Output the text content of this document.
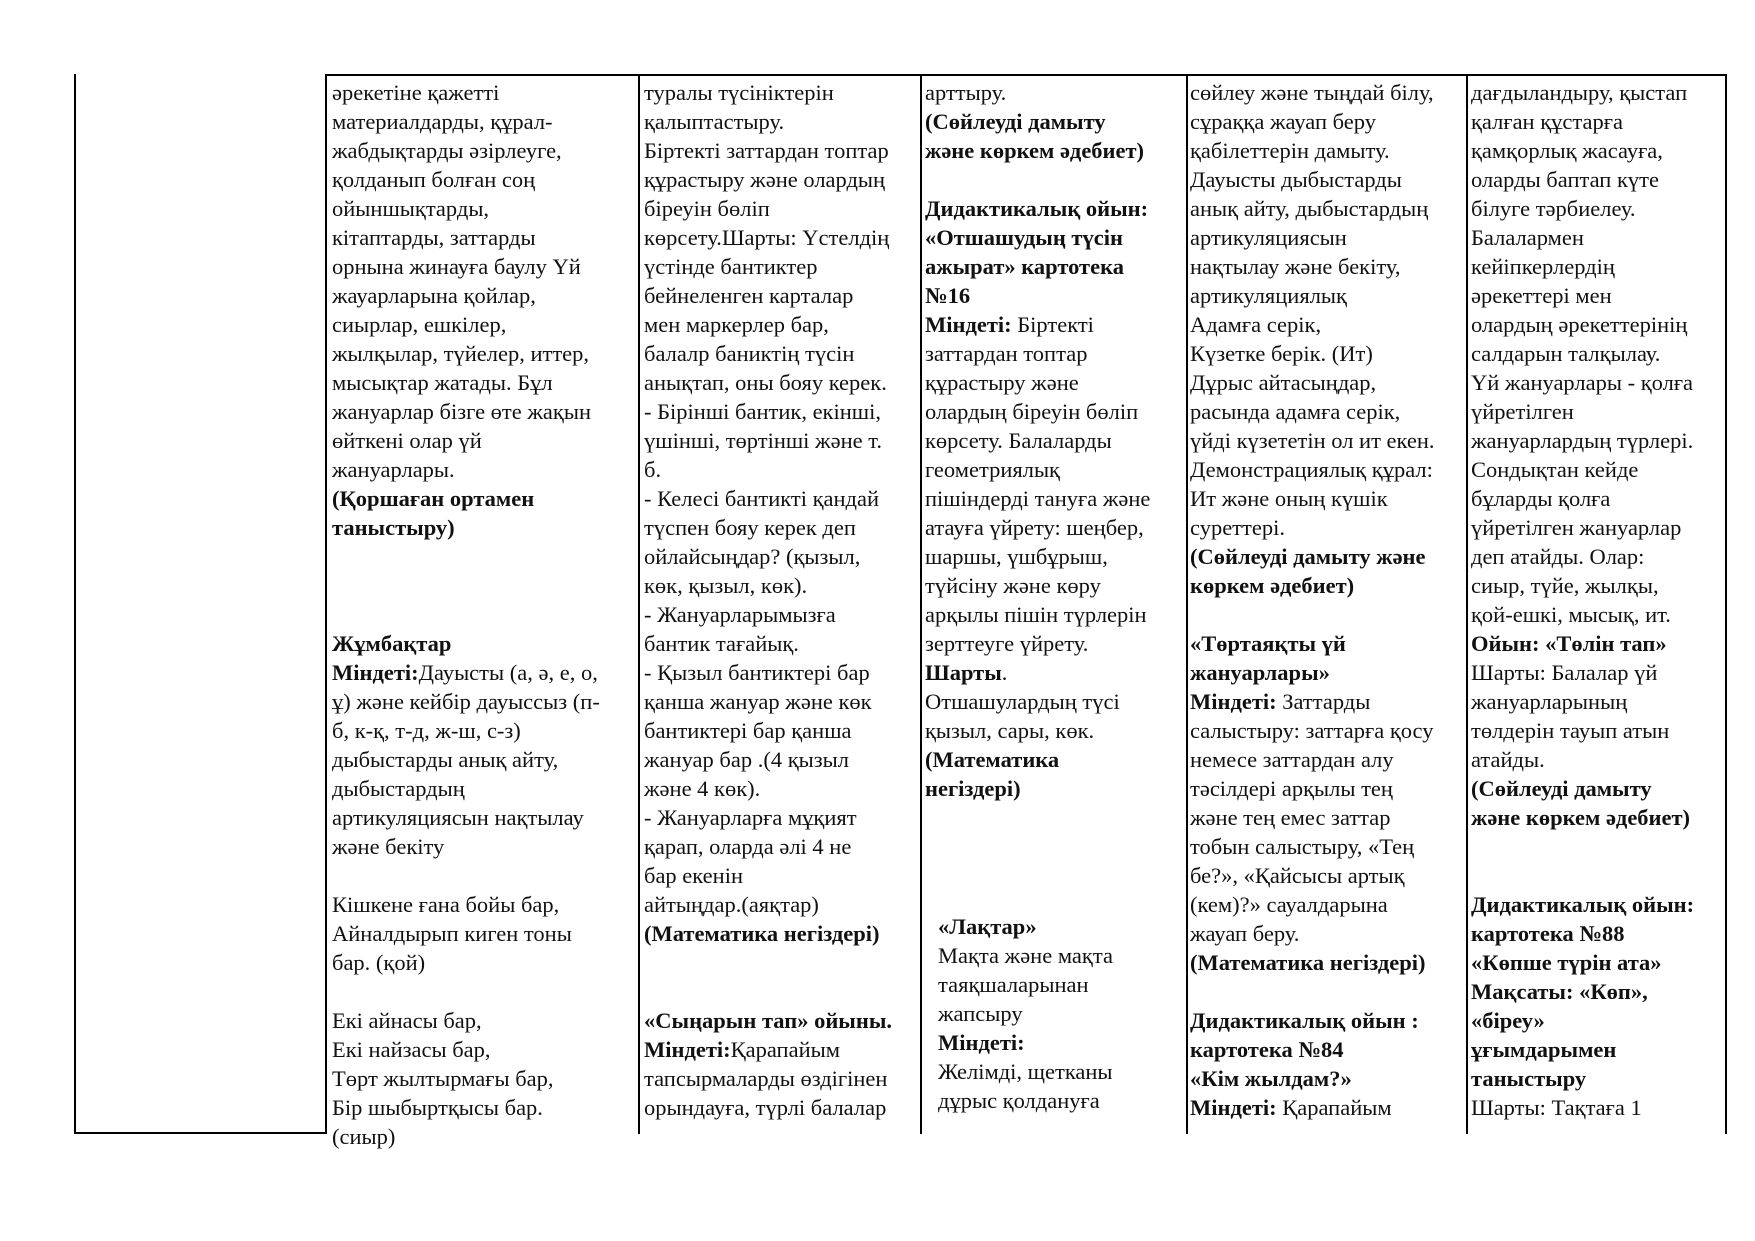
әрекетіне қажетті
материалдарды, құрал-
жабдықтарды әзірлеуге,
қолданып болған соң
ойыншықтарды,
кітаптарды, заттарды
орнына жинауға баулу Үй
жауарларына қойлар,
сиырлар, ешкілер,
жылқылар, түйелер, иттер,
мысықтар жатады. Бұл
жануарлар бізге өте жақын
өйткені олар үй
жануарлары.
(Қоршаған ортамен
таныстыру)
Жұмбақтар
Міндеті:Дауысты (а, ә, е, о,
ұ) және кейбір дауыссыз (п-
б, к-қ, т-д, ж-ш, с-з)
дыбыстарды анық айту,
дыбыстардың
артикуляциясын нақтылау
және бекіту
Кішкене ғана бойы бар,
Айналдырып киген тоны
бар. (қой)
Екі айнасы бар,
Екі найзасы бар,
Төрт жылтырмағы бар,
Бір шыбыртқысы бар.
(сиыр)
туралы түсініктерін
қалыптастыру.
Біртекті заттардан топтар
құрастыру және олардың
біреуін бөліп
көрсету.Шарты: Үстелдің
үстінде бантиктер
бейнеленген карталар
мен маркерлер бар,
балалр баниктің түсін
анықтап, оны бояу керек.
- Бірінші бантик, екінші,
үшінші, төртінші және т.
б.
- Келесі бантикті қандай
түспен бояу керек деп
ойлайсыңдар? (қызыл,
көк, қызыл, көк).
- Жануарларымызға
бантик тағайық.
- Қызыл бантиктері бар
қанша жануар және көк
бантиктері бар қанша
жануар бар .(4 қызыл
және 4 көк).
- Жануарларға мұқият
қарап, оларда әлі 4 не
бар екенін
айтыңдар.(аяқтар)
(Математика негіздері)
«Сыңарын тап» ойыны.
Міндеті:Қарапайым
тапсырмаларды өздігінен
орындауға, түрлі балалар
арттыру.
(Сөйлеуді дамыту
және көркем әдебиет)
Дидактикалық ойын:
«Отшашудың түсін
ажырат» картотека
№16
Міндеті: Біртекті
заттардан топтар
құрастыру және
олардың біреуін бөліп
көрсету. Балаларды
геометриялық
пішіндерді тануға және
атауға үйрету: шеңбер,
шаршы, үшбұрыш,
түйсіну және көру
арқылы пішін түрлерін
зерттеуге үйрету.
Шарты.
Отшашулардың түсі
қызыл, сары, көк.
(Математика
негіздері)
«Лақтар»
Мақта және мақта
таяқшаларынан
жапсыру
Міндеті:
Желімді, щетканы
дұрыс қолдануға
сөйлеу және тыңдай білу,
сұраққа жауап беру
қабілеттерін дамыту.
Дауысты дыбыстарды
анық айту, дыбыстардың
артикуляциясын
нақтылау және бекіту,
артикуляциялық
Адамға серік,
Күзетке берік. (Ит)
Дұрыс айтасыңдар,
расында адамға серік,
үйді күзететін ол ит екен.
Демонстрациялық құрал:
Ит және оның күшік
суреттері.
(Сөйлеуді дамыту және
көркем әдебиет)
«Төртаяқты үй
жануарлары»
Міндеті: Заттарды
салыстыру: заттарға қосу
немесе заттардан алу
тәсілдері арқылы тең
және тең емес заттар
тобын салыстыру, «Тең
бе?», «Қайсысы артық
(кем)?» сауалдарына
жауап беру.
(Математика негіздері)
Дидактикалық ойын :
картотека №84
«Кім жылдам?»
Міндеті: Қарапайым
дағдыландыру, қыстап
қалған құстарға
қамқорлық жасауға,
оларды баптап күте
білуге тәрбиелеу.
Балалармен
кейіпкерлердің
әрекеттері мен
олардың әрекеттерінің
салдарын талқылау.
Үй жануарлары - қолға
үйретілген
жануарлардың түрлері.
Сондықтан кейде
бұларды қолға
үйретілген жануарлар
деп атайды. Олар:
сиыр, түйе, жылқы,
қой-ешкі, мысық, ит.
Ойын: «Төлін тап»
Шарты: Балалар үй
жануарларының
төлдерін тауып атын
атайды.
(Сөйлеуді дамыту
және көркем әдебиет)
Дидактикалық ойын:
картотека №88
«Көпше түрін ата»
Мақсаты: «Көп»,
«біреу»
ұғымдарымен
таныстыру
Шарты: Тақтаға 1
